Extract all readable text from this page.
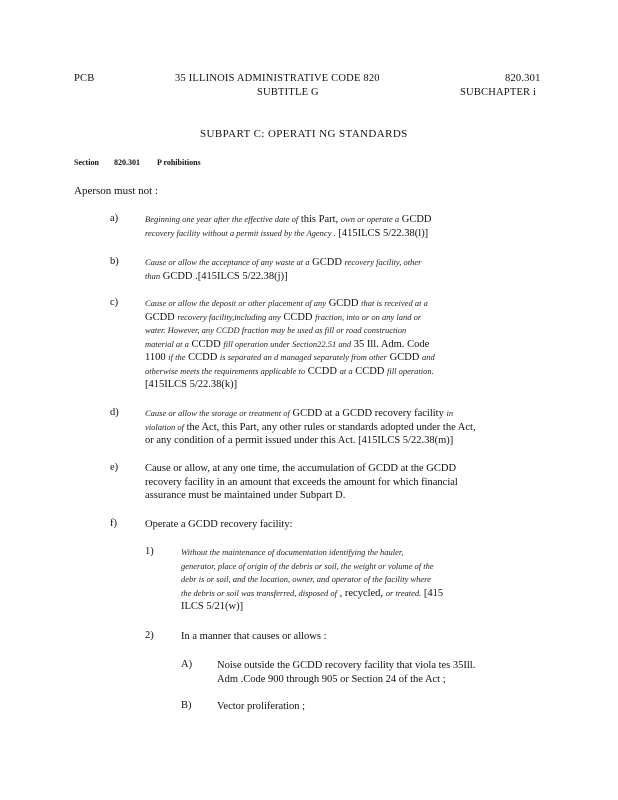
PCB	35 ILLINOIS ADMINISTRATIVE CODE 820	820.301
SUBTITLE G	SUBCHAPTER i
SUBPART C: OPERATI NG STANDARDS
Section 820.301 P rohibitions
Aperson must not :
a)	Beginning one year after the effective date of this Part, own or operate a GCDD
recovery facility without a permit issued by the Agency . [415ILCS 5/22.38(l)]
b)	Cause or allow the acceptance of any waste at a GCDD recovery facility, other
than GCDD .[415ILCS 5/22.38(j)]
c)	Cause or allow the deposit or other placement of any GCDD that is received at a
GCDD recovery facility,including any CCDD fraction, into or on any land or
water. However, any CCDD fraction may be used as fill or road construction
material at a CCDD fill operation under Section22.51 and 35 Ill. Adm. Code
1100 if the CCDD is separated an d managed separately from other GCDD and
otherwise meets the requirements applicable to CCDD at a CCDD fill operation.
[415ILCS 5/22.38(k)]
d)	Cause or allow the storage or treatment of GCDD at a GCDD recovery facility in
violation of the Act, this Part, any other rules or standards adopted under the Act,
or any condition of a permit issued under this Act. [415ILCS 5/22.38(m)]
e)	Cause or allow, at any one time, the accumulation of GCDD at the GCDD
recovery facility in an amount that exceeds the amount for which financial
assurance must be maintained under Subpart D.
f)	Operate a GCDD recovery facility:
1)	Without the maintenance of documentation identifying the hauler,
generator, place of origin of the debris or soil, the weight or volume of the
debr is or soil, and the location, owner, and operator of the facility where
the debris or soil was transferred, disposed of , recycled, or treated. [415
ILCS 5/21(w)]
2)	In a manner that causes or allows :
A) Noise outside the GCDD recovery facility that viola tes 35Ill.
Adm .Code 900 through 905 or Section 24 of the Act ;
B) Vector proliferation ;
